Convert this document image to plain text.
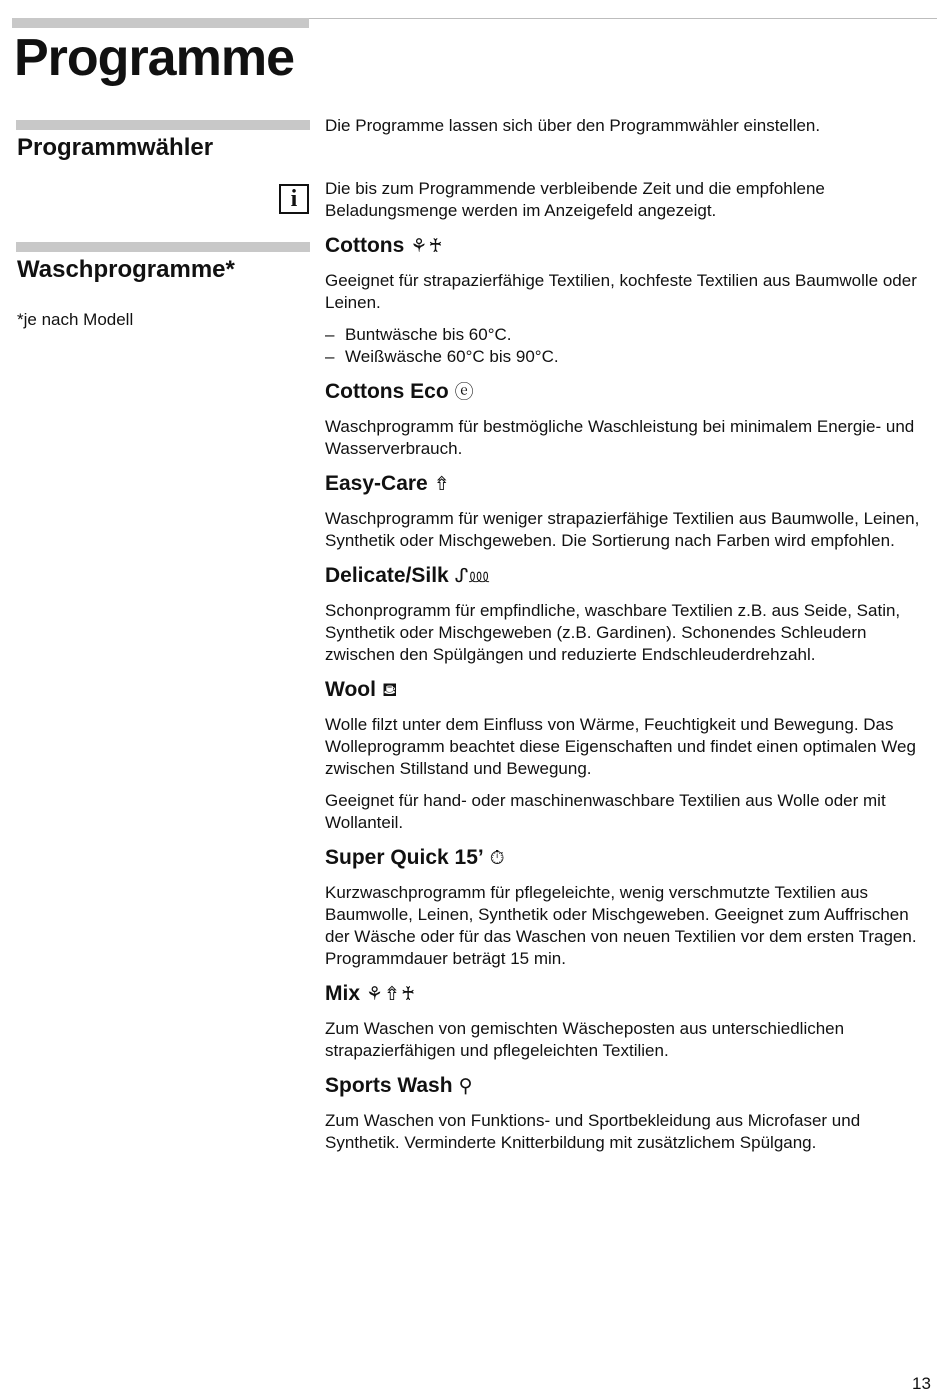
Programme
Programmwähler
i
Waschprogramme*
*je nach Modell
Die Programme lassen sich über den Programmwähler einstellen.

Die bis zum Programmende verbleibende Zeit und die empfohlene

Beladungsmenge werden im Anzeigefeld angezeigt.

Cottons ⚘♰

Geeignet für strapazierfähige Textilien, kochfeste Textilien aus Baumwolle oder Leinen.

– Buntwäsche bis 60°C.
– Weißwäsche 60°C bis 90°C.
Cottons Eco ⓔ

Waschprogramm für bestmögliche Waschleistung bei minimalem Energie- und Wasserverbrauch.

Easy-Care ⇮

Waschprogramm für weniger strapazierfähige Textilien aus Baumwolle, Leinen, Synthetik oder Mischgeweben. Die Sortierung nach Farben wird empfohlen.

Delicate/Silk ᔑ⅏

Schonprogramm für empfindliche, waschbare Textilien z.B. aus Seide, Satin, Synthetik oder Mischgeweben (z.B. Gardinen). Schonendes Schleudern zwischen den Spülgängen und reduzierte Endschleuderdrehzahl.

Wool ⛾

Wolle filzt unter dem Einfluss von Wärme, Feuchtigkeit und Bewegung. Das Wolleprogramm beachtet diese Eigenschaften und findet einen optimalen Weg zwischen Stillstand und Bewegung.

Geeignet für hand- oder maschinenwaschbare Textilien aus Wolle oder mit Wollanteil.

Super Quick 15’ ⏱

Kurzwaschprogramm für pflegeleichte, wenig verschmutzte Textilien aus Baumwolle, Leinen, Synthetik oder Mischgeweben. Geeignet zum Auffrischen der Wäsche oder für das Waschen von neuen Textilien vor dem ersten Tragen. Programmdauer beträgt 15 min.

Mix ⚘⇮♰

Zum Waschen von gemischten Wäscheposten aus unterschiedlichen strapazierfähigen und pflegeleichten Textilien.

Sports Wash ⚲

Zum Waschen von Funktions- und Sportbekleidung aus Microfaser und Synthetik. Verminderte Knitterbildung mit zusätzlichem Spülgang.

13
